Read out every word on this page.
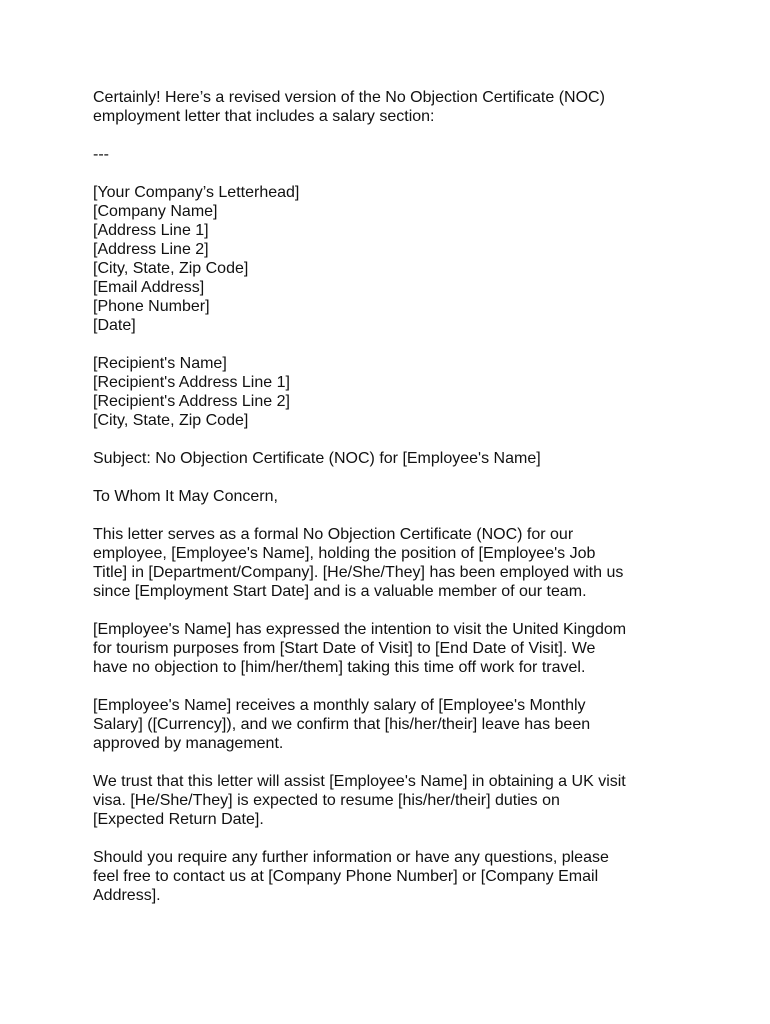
Certainly! Here’s a revised version of the No Objection Certificate (NOC)
employment letter that includes a salary section:
---
[Your Company’s Letterhead]
[Company Name]
[Address Line 1]
[Address Line 2]
[City, State, Zip Code]
[Email Address]
[Phone Number]
[Date]
[Recipient's Name]
[Recipient's Address Line 1]
[Recipient's Address Line 2]
[City, State, Zip Code]
Subject: No Objection Certificate (NOC) for [Employee's Name]
To Whom It May Concern,
This letter serves as a formal No Objection Certificate (NOC) for our
employee, [Employee's Name], holding the position of [Employee's Job
Title] in [Department/Company]. [He/She/They] has been employed with us
since [Employment Start Date] and is a valuable member of our team.
[Employee's Name] has expressed the intention to visit the United Kingdom
for tourism purposes from [Start Date of Visit] to [End Date of Visit]. We
have no objection to [him/her/them] taking this time off work for travel.
[Employee's Name] receives a monthly salary of [Employee's Monthly
Salary] ([Currency]), and we confirm that [his/her/their] leave has been
approved by management.
We trust that this letter will assist [Employee's Name] in obtaining a UK visit
visa. [He/She/They] is expected to resume [his/her/their] duties on
[Expected Return Date].
Should you require any further information or have any questions, please
feel free to contact us at [Company Phone Number] or [Company Email
Address].
